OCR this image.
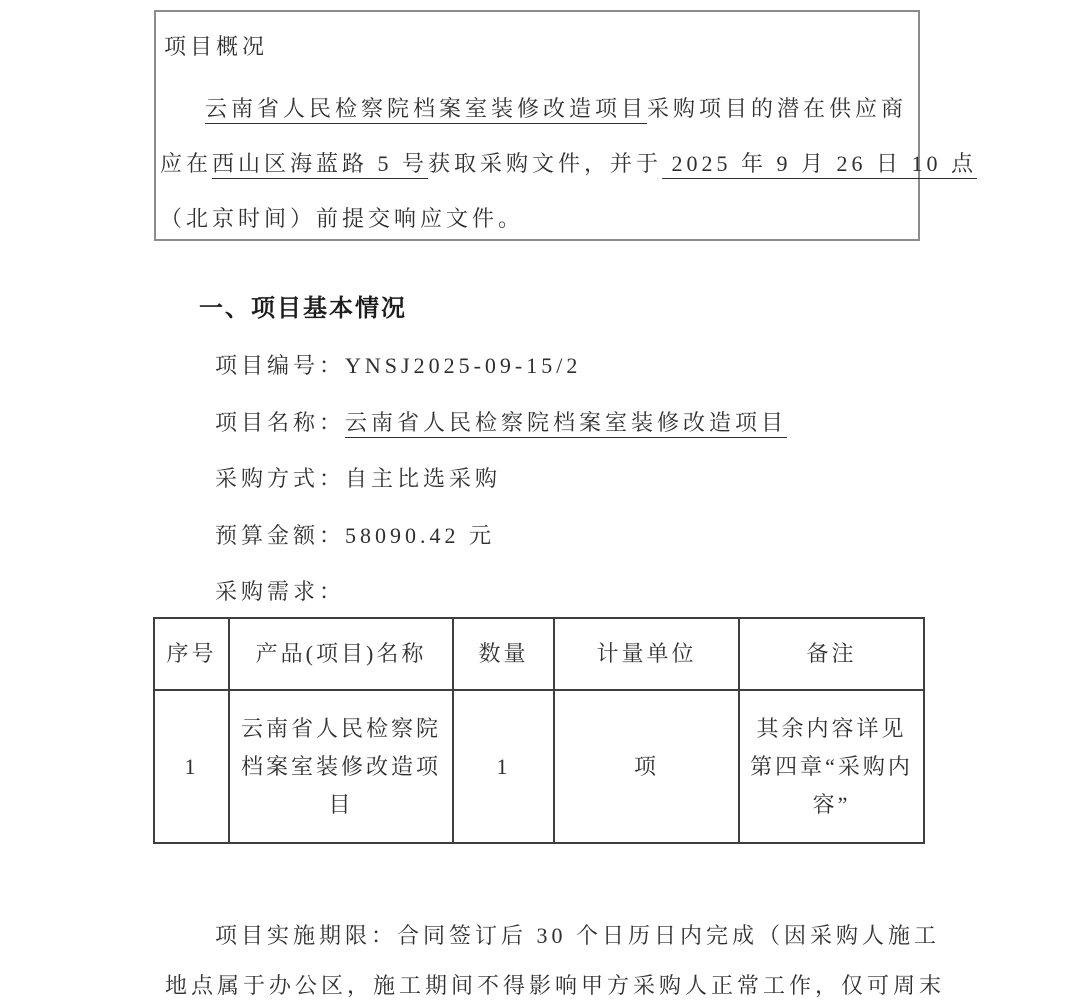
项目概况
云南省人民检察院档案室装修改造项目采购项目的潜在供应商
应在西山区海蓝路 5 号获取采购文件，并于 2025 年 9 月 26 日 10 点
（北京时间）前提交响应文件。
一、项目基本情况
项目编号：YNSJ2025-09-15/2
项目名称：云南省人民检察院档案室装修改造项目
采购方式：自主比选采购
预算金额：58090.42 元
采购需求：
序号	产品(项目)名称	数量	计量单位	备注
1	云南省人民检察院档案室装修改造项目	1	项	其余内容详见第四章“采购内容”
项目实施期限：合同签订后 30 个日历日内完成（因采购人施工
地点属于办公区，施工期间不得影响甲方采购人正常工作，仅可周末
